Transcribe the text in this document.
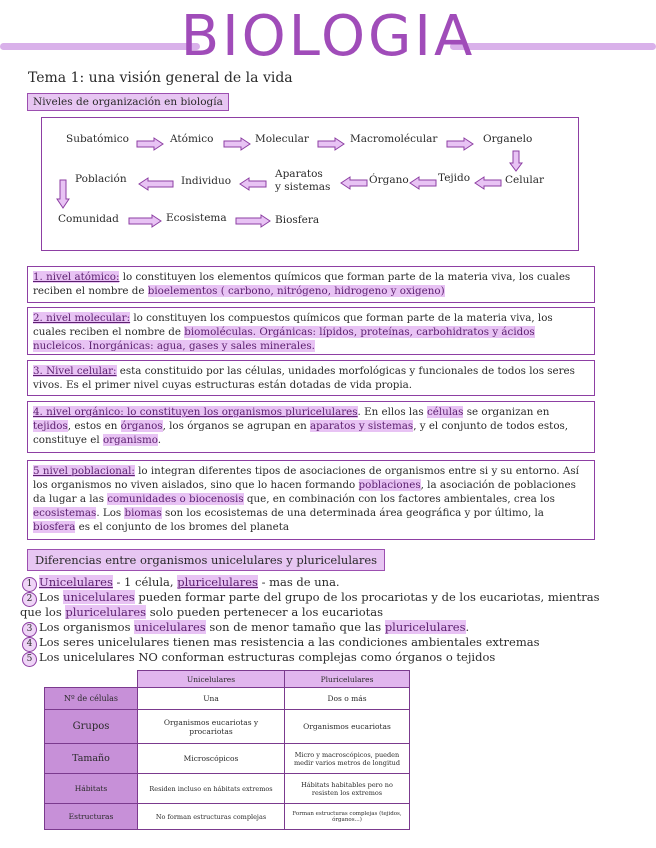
BIOLOGIA
Tema 1: una visión general de la vida
Niveles de organización en biología
Subatómico	Atómico	Molecular	Macromolécular	Organelo
Celular
Tejido
Órgano
Aparatos
y sistemas
Individuo
Población
Comunidad	Ecosistema	Biosfera
1. nivel atómico: lo constituyen los elementos químicos que forman parte de la materia viva, los cuales reciben el nombre de bioelementos ( carbono, nitrógeno, hidrogeno y oxigeno)
2. nivel molecular: lo constituyen los compuestos químicos que forman parte de la materia viva, los cuales reciben el nombre de biomoléculas. Orgánicas: lípidos, proteínas, carbohidratos y ácidos nucleicos. Inorgánicas: agua, gases y sales minerales.
3. Nivel celular: esta constituido por las células, unidades morfológicas y funcionales de todos los seres vivos. Es el primer nivel cuyas estructuras están dotadas de vida propia.
4. nivel orgánico: lo constituyen los organismos pluricelulares. En ellos las células se organizan en tejidos, estos en órganos, los órganos se agrupan en aparatos y sistemas, y el conjunto de todos estos, constituye el organismo.
5 nivel poblacional: lo integran diferentes tipos de asociaciones de organismos entre si y su entorno. Así los organismos no viven aislados, sino que lo hacen formando poblaciones, la asociación de poblaciones da lugar a las comunidades o biocenosis que, en combinación con los factores ambientales, crea los ecosistemas. Los biomas son los ecosistemas de una determinada área geográfica y por último, la biosfera es el conjunto de los bromes del planeta
Diferencias entre organismos unicelulares y pluricelulares
1 Unicelulares - 1 célula, pluricelulares - mas de una.
2 Los unicelulares pueden formar parte del grupo de los procariotas y de los eucariotas, mientras
que los pluricelulares solo pueden pertenecer a los eucariotas
3 Los organismos unicelulares son de menor tamaño que las pluricelulares.
4 Los seres unicelulares tienen mas resistencia a las condiciones ambientales extremas
5 Los unicelulares NO conforman estructuras complejas como órganos o tejidos
	Unicelulares	Pluricelulares
Nº de células	Una	Dos o más
Grupos	Organismos eucariotas y procariotas	Organismos eucariotas
Tamaño	Microscópicos	Micro y macroscópicos, pueden medir varios metros de longitud
Hábitats	Residen incluso en hábitats extremos	Hábitats habitables pero no resisten los extremos
Estructuras	No forman estructuras complejas	Forman estructuras complejas (tejidos, órganos...)
